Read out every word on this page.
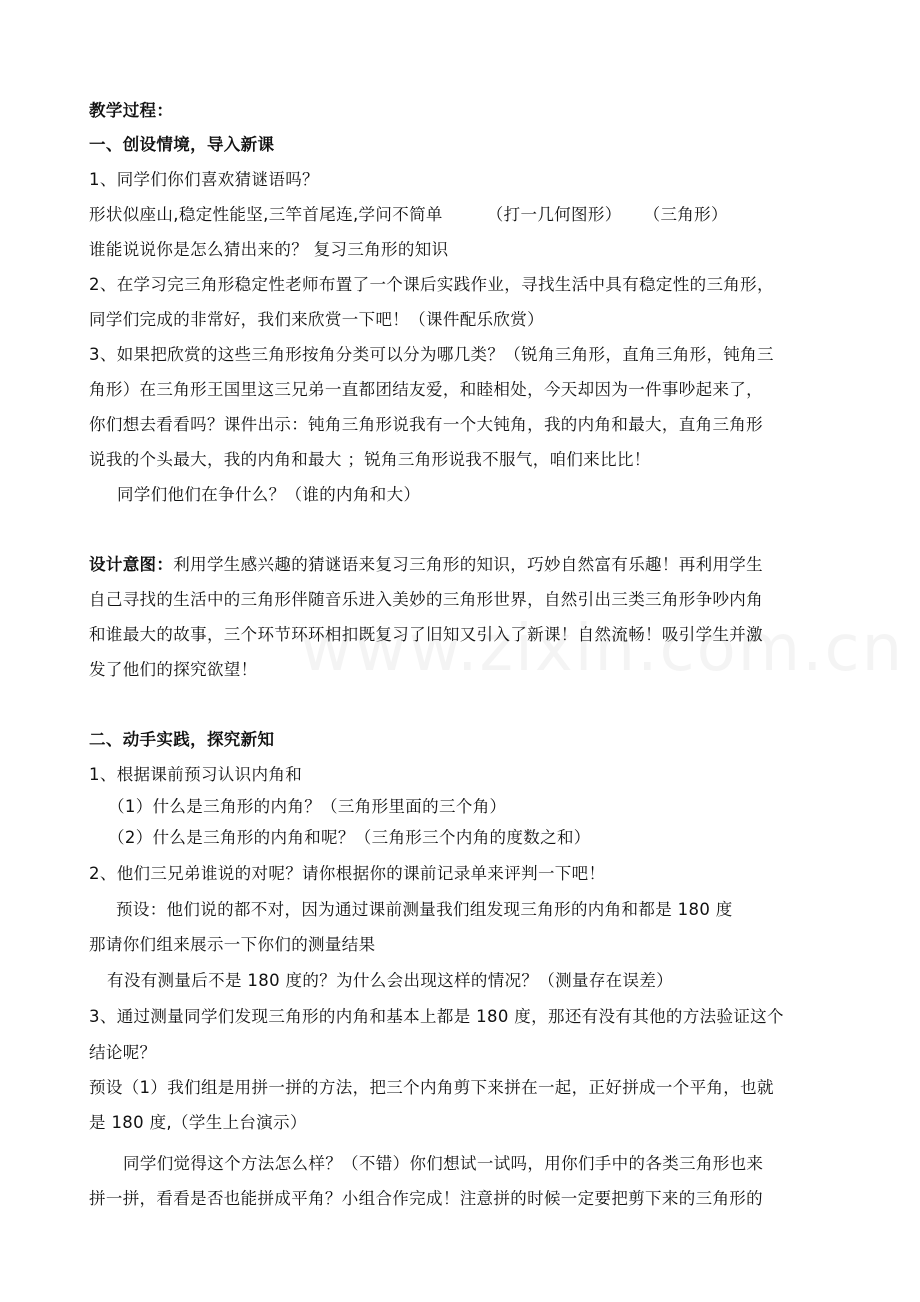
教学过程：
一、创设情境，导入新课
1、同学们你们喜欢猜谜语吗？
形状似座山,稳定性能坚,三竿首尾连,学问不简单	（打一几何图形） （三角形）
谁能说说你是怎么猜出来的？ 复习三角形的知识
2、在学习完三角形稳定性老师布置了一个课后实践作业，寻找生活中具有稳定性的三角形，
同学们完成的非常好，我们来欣赏一下吧！（课件配乐欣赏）
3、如果把欣赏的这些三角形按角分类可以分为哪几类？（锐角三角形，直角三角形，钝角三
角形）在三角形王国里这三兄弟一直都团结友爱，和睦相处，今天却因为一件事吵起来了，
你们想去看看吗？课件出示：钝角三角形说我有一个大钝角，我的内角和最大，直角三角形
说我的个头最大，我的内角和最大 ；锐角三角形说我不服气，咱们来比比！
同学们他们在争什么？（谁的内角和大）
设计意图：利用学生感兴趣的猜谜语来复习三角形的知识，巧妙自然富有乐趣！再利用学生
自己寻找的生活中的三角形伴随音乐进入美妙的三角形世界，自然引出三类三角形争吵内角
和谁最大的故事，三个环节环环相扣既复习了旧知又引入了新课！自然流畅！吸引学生并激
发了他们的探究欲望！
二、动手实践，探究新知
1、根据课前预习认识内角和
（1）什么是三角形的内角？（三角形里面的三个角）
（2）什么是三角形的内角和呢？（三角形三个内角的度数之和）
2、他们三兄弟谁说的对呢？请你根据你的课前记录单来评判一下吧！
预设：他们说的都不对，因为通过课前测量我们组发现三角形的内角和都是 180 度
那请你们组来展示一下你们的测量结果
有没有测量后不是 180 度的？为什么会出现这样的情况？（测量存在误差）
3、通过测量同学们发现三角形的内角和基本上都是 180 度，那还有没有其他的方法验证这个
结论呢？
预设（1）我们组是用拼一拼的方法，把三个内角剪下来拼在一起，正好拼成一个平角，也就
是 180 度,（学生上台演示）
同学们觉得这个方法怎么样？（不错）你们想试一试吗，用你们手中的各类三角形也来
拼一拼，看看是否也能拼成平角？小组合作完成！注意拼的时候一定要把剪下来的三角形的
